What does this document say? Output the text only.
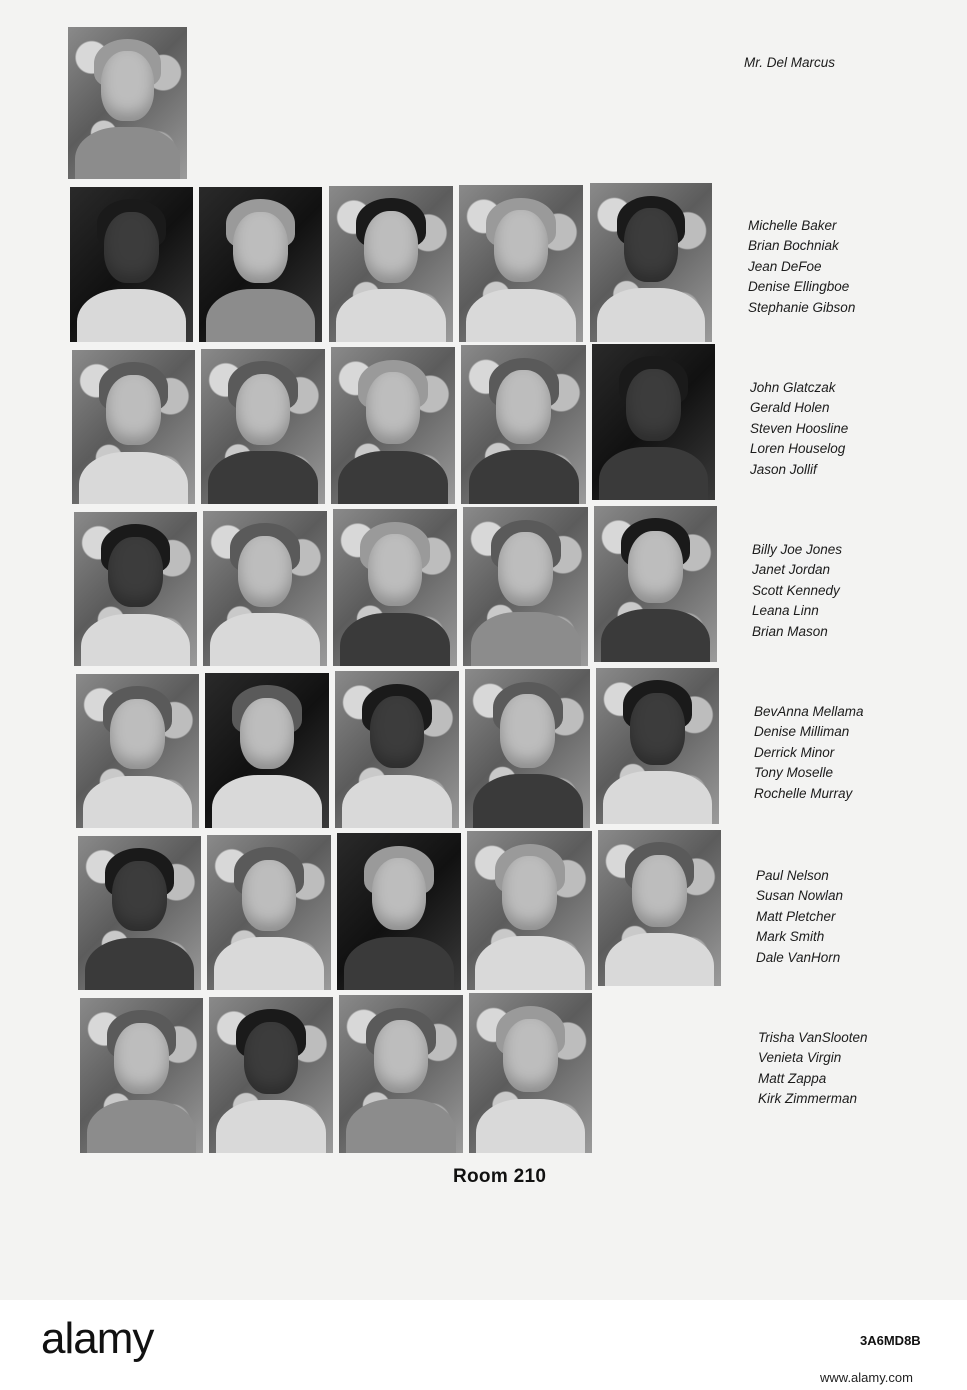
Mr. Del Marcus
Michelle Baker
Brian Bochniak
Jean DeFoe
Denise Ellingboe
Stephanie Gibson
John Glatczak
Gerald Holen
Steven Hoosline
Loren Houselog
Jason Jollif
Billy Joe Jones
Janet Jordan
Scott Kennedy
Leana Linn
Brian Mason
BevAnna Mellama
Denise Milliman
Derrick Minor
Tony Moselle
Rochelle Murray
Paul Nelson
Susan Nowlan
Matt Pletcher
Mark Smith
Dale VanHorn
Trisha VanSlooten
Venieta Virgin
Matt Zappa
Kirk Zimmerman
Room 210
alamy	3A6MD8B
www.alamy.com
